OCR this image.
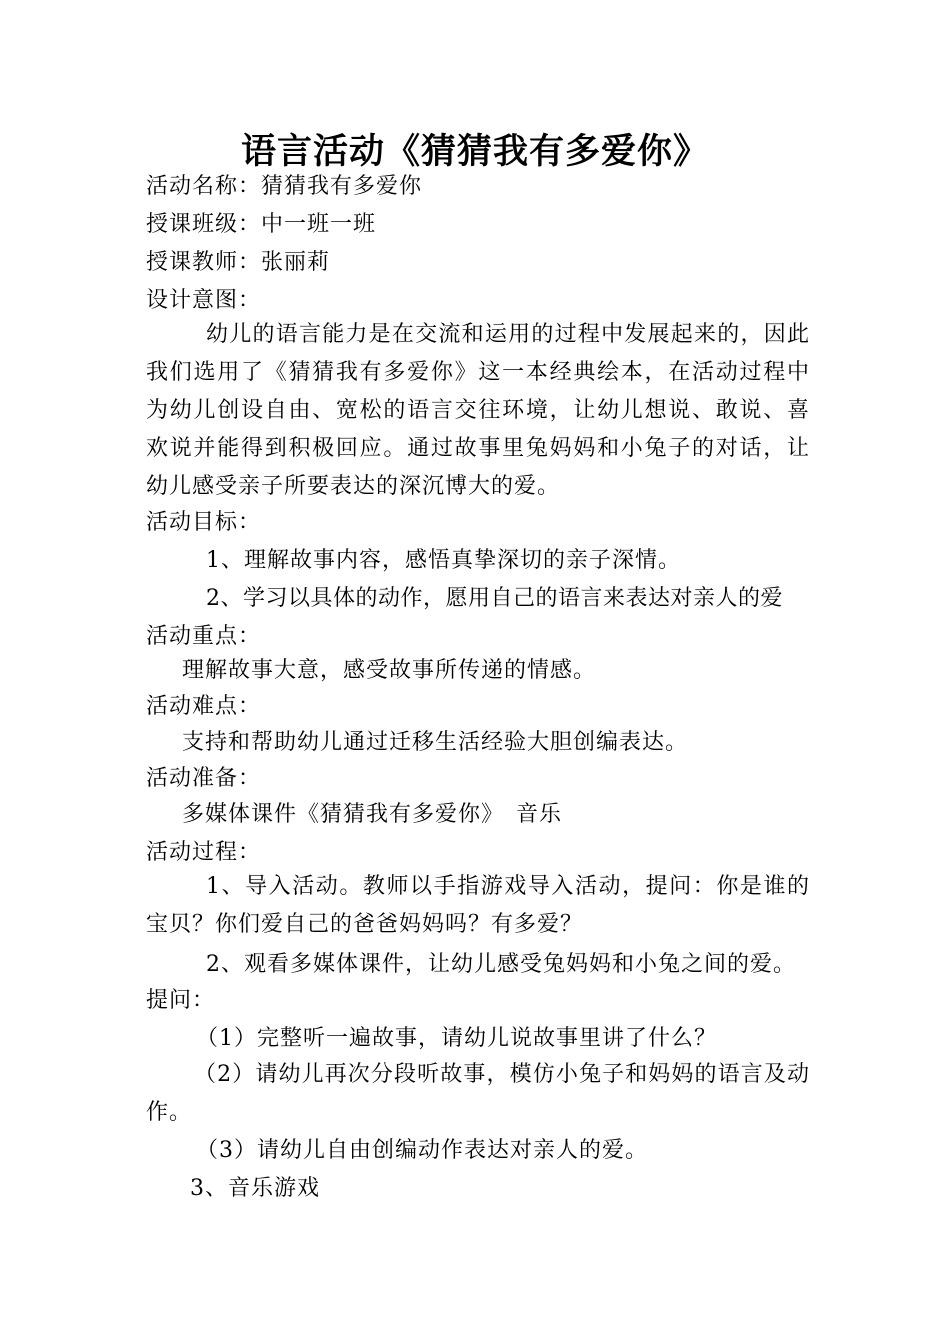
语言活动《猜猜我有多爱你》
活动名称：猜猜我有多爱你
授课班级：中一班一班
授课教师：张丽莉
设计意图：
幼儿的语言能力是在交流和运用的过程中发展起来的，因此我们选用了《猜猜我有多爱你》这一本经典绘本，在活动过程中为幼儿创设自由、宽松的语言交往环境，让幼儿想说、敢说、喜欢说并能得到积极回应。通过故事里兔妈妈和小兔子的对话，让幼儿感受亲子所要表达的深沉博大的爱。
活动目标：
1、理解故事内容，感悟真挚深切的亲子深情。
2、学习以具体的动作，愿用自己的语言来表达对亲人的爱
活动重点：
理解故事大意，感受故事所传递的情感。
活动难点：
支持和帮助幼儿通过迁移生活经验大胆创编表达。
活动准备：
多媒体课件《猜猜我有多爱你》　音乐
活动过程：
1、导入活动。教师以手指游戏导入活动，提问：你是谁的宝贝？你们爱自己的爸爸妈妈吗？有多爱？
2、观看多媒体课件，让幼儿感受兔妈妈和小兔之间的爱。
提问：
（1）完整听一遍故事，请幼儿说故事里讲了什么？
（2）请幼儿再次分段听故事，模仿小兔子和妈妈的语言及动作。
（3）请幼儿自由创编动作表达对亲人的爱。
3、音乐游戏
